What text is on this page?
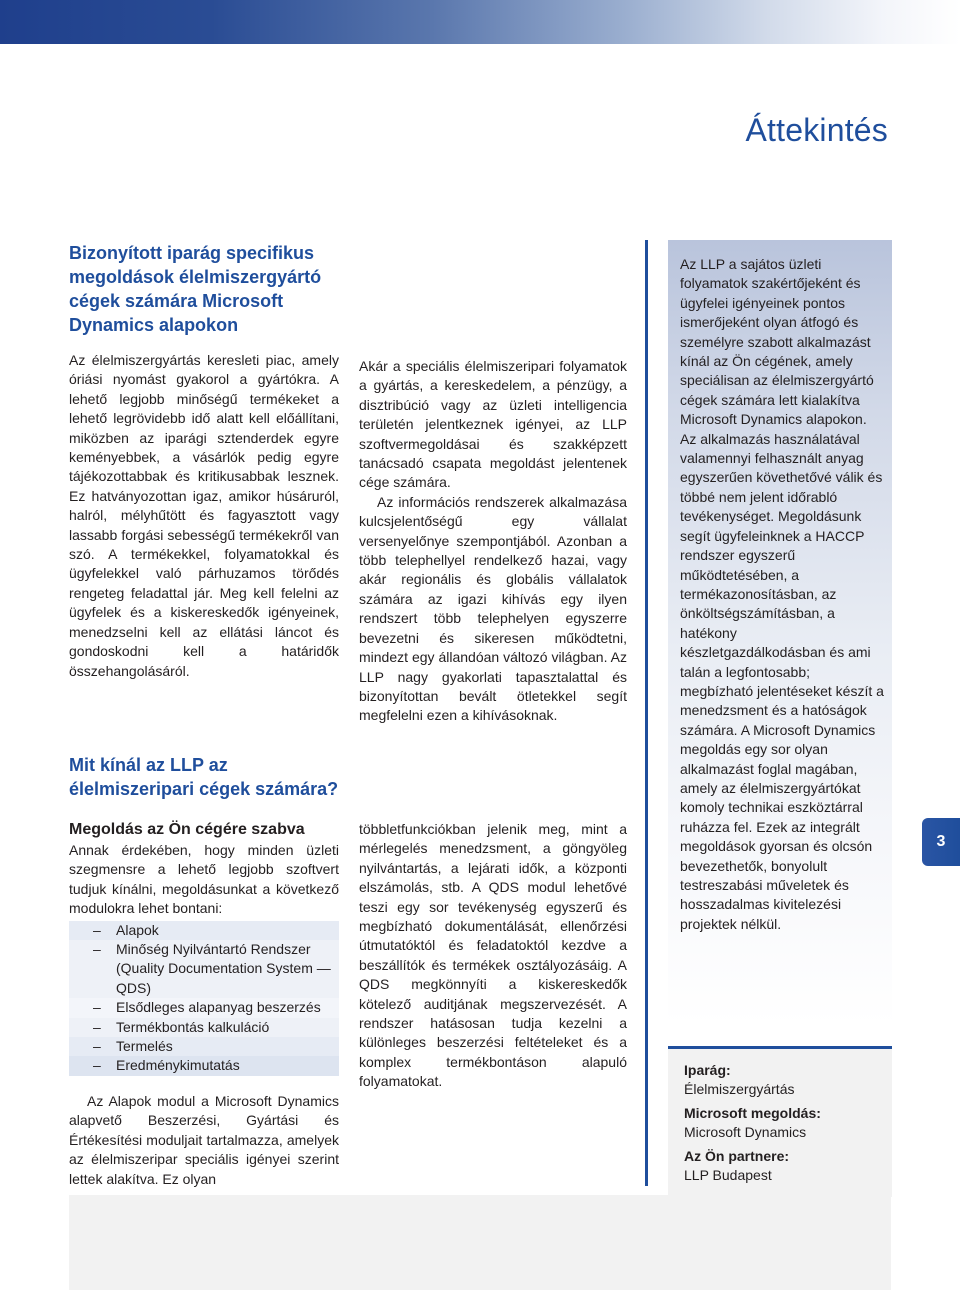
Áttekintés
Bizonyított iparág specifikus megoldások élelmiszergyártó cégek számára Microsoft Dynamics alapokon

Az élelmiszergyártás keresleti piac, amely óriási nyomást gyakorol a gyártókra. A lehető legjobb minőségű termékeket a lehető legrövidebb idő alatt kell előállítani, miközben az iparági sztenderdek egyre keményebbek, a vásárlók pedig egyre tájékozottabbak és kritikusabbak lesznek. Ez hatványozottan igaz, amikor húsáruról, halról, mélyhűtött és fagyasztott vagy lassabb forgási sebességű termékekről van szó. A termékekkel, folyamatokkal és ügyfelekkel való párhuzamos törődés rengeteg feladattal jár. Meg kell felelni az ügyfelek és a kiskereskedők igényeinek, menedzselni kell az ellátási láncot és gondoskodni kell a határidők összehangolásáról.

Mit kínál az LLP az élelmiszeripari cégek számára?

Megoldás az Ön cégére szabva

Annak érdekében, hogy minden üzleti szegmensre a lehető legjobb szoftvert tudjuk kínálni, megoldásunkat a következő modulokra lehet bontani:

– Alapok
– Minőség Nyilvántartó Rendszer (Quality Documentation System — QDS)
– Elsődleges alapanyag beszerzés
– Termékbontás kalkuláció
– Termelés
– Eredménykimutatás

Az Alapok modul a Microsoft Dynamics alapvető Beszerzési, Gyártási és Értékesítési moduljait tartalmazza, amelyek az élelmiszeripar speciális igényei szerint lettek alakítva. Ez olyan

Akár a speciális élelmiszeripari folyamatok a gyártás, a kereskedelem, a pénzügy, a disztribúció vagy az üzleti intelligencia területén jelentkeznek igényei, az LLP szoftvermegoldásai és szakképzett tanácsadó csapata megoldást jelentenek cége számára.

Az információs rendszerek alkalmazása kulcsjelentőségű egy vállalat versenyelőnye szempontjából. Azonban a több telephellyel rendelkező hazai, vagy akár regionális és globális vállalatok számára az igazi kihívás egy ilyen rendszert több telephelyen egyszerre bevezetni és sikeresen működtetni, mindezt egy állandóan változó világban. Az LLP nagy gyakorlati tapasztalattal és bizonyítottan bevált ötletekkel segít megfelelni ezen a kihívásoknak.

többletfunkciókban jelenik meg, mint a mérlegelés menedzsment, a göngyöleg nyilvántartás, a lejárati idők, a központi elszámolás, stb. A QDS modul lehetővé teszi egy sor tevékenység egyszerű és megbízható dokumentálását, ellenőrzési útmutatóktól és feladatoktól kezdve a beszállítók és termékek osztályozásáig. A QDS megkönnyíti a kiskereskedők kötelező auditjának megszervezését. A rendszer hatásosan tudja kezelni a különleges beszerzési feltételeket és a komplex termékbontáson alapuló folyamatokat.

Az LLP a sajátos üzleti folyamatok szakértőjeként és ügyfelei igényeinek pontos ismerőjeként olyan átfogó és személyre szabott alkalmazást kínál az Ön cégének, amely speciálisan az élelmiszergyártó cégek számára lett kialakítva Microsoft Dynamics alapokon. Az alkalmazás használatával valamennyi felhasznált anyag egyszerűen követhetővé válik és többé nem jelent időrabló tevékenységet. Megoldásunk segít ügyfeleinknek a HACCP rendszer egyszerű működtetésében, a termékazonosításban, az önköltségszámításban, a hatékony készletgazdálkodásban és ami talán a legfontosabb; megbízható jelentéseket készít a menedzsment és a hatóságok számára. A Microsoft Dynamics megoldás egy sor olyan alkalmazást foglal magában, amely az élelmiszergyártókat komoly technikai eszköztárral ruházza fel. Ezek az integrált megoldások gyorsan és olcsón bevezethetők, bonyolult testreszabási műveletek és hosszadalmas kivitelezési projektek nélkül.

Iparág:

Élelmiszergyártás

Microsoft megoldás:

Microsoft Dynamics

Az Ön partnere:

LLP Budapest

3
